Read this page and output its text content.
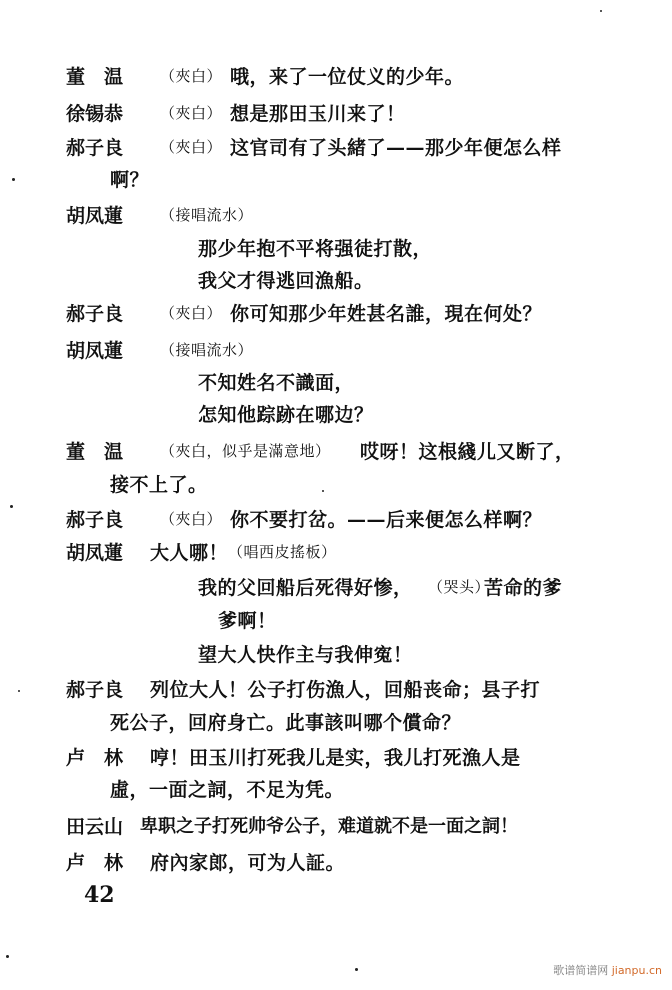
董　温 （夾白） 哦，来了一位仗义的少年。
徐锡恭 （夾白） 想是那田玉川来了！
郝子良 （夾白） 这官司有了头緒了——那少年便怎么样
啊？
胡凤蓮 （接唱流水）
那少年抱不平将强徒打散，
我父才得逃回漁船。
郝子良 （夾白） 你可知那少年姓甚名誰，現在何处？
胡凤蓮 （接唱流水）
不知姓名不識面，
怎知他踪跡在哪边？
董　温 （夾白，似乎是滿意地） 哎呀！这根綫儿又断了，
接不上了。
郝子良 （夾白） 你不要打岔。——后来便怎么样啊？
胡凤蓮 大人哪！ （唱西皮搖板）
我的父回船后死得好惨， （哭头）
苦命的爹
爹啊！
望大人快作主与我伸寃！
郝子良 列位大人！公子打伤漁人，回船丧命；县子打
死公子，回府身亡。此事該叫哪个償命？
卢　林 哼！田玉川打死我儿是实，我儿打死漁人是
虛，一面之詞，不足为凭。
田云山 卑职之子打死帅爷公子，难道就不是一面之詞！
卢　林 府內家郎，可为人証。
42
歌谱简谱网 jianpu.cn
